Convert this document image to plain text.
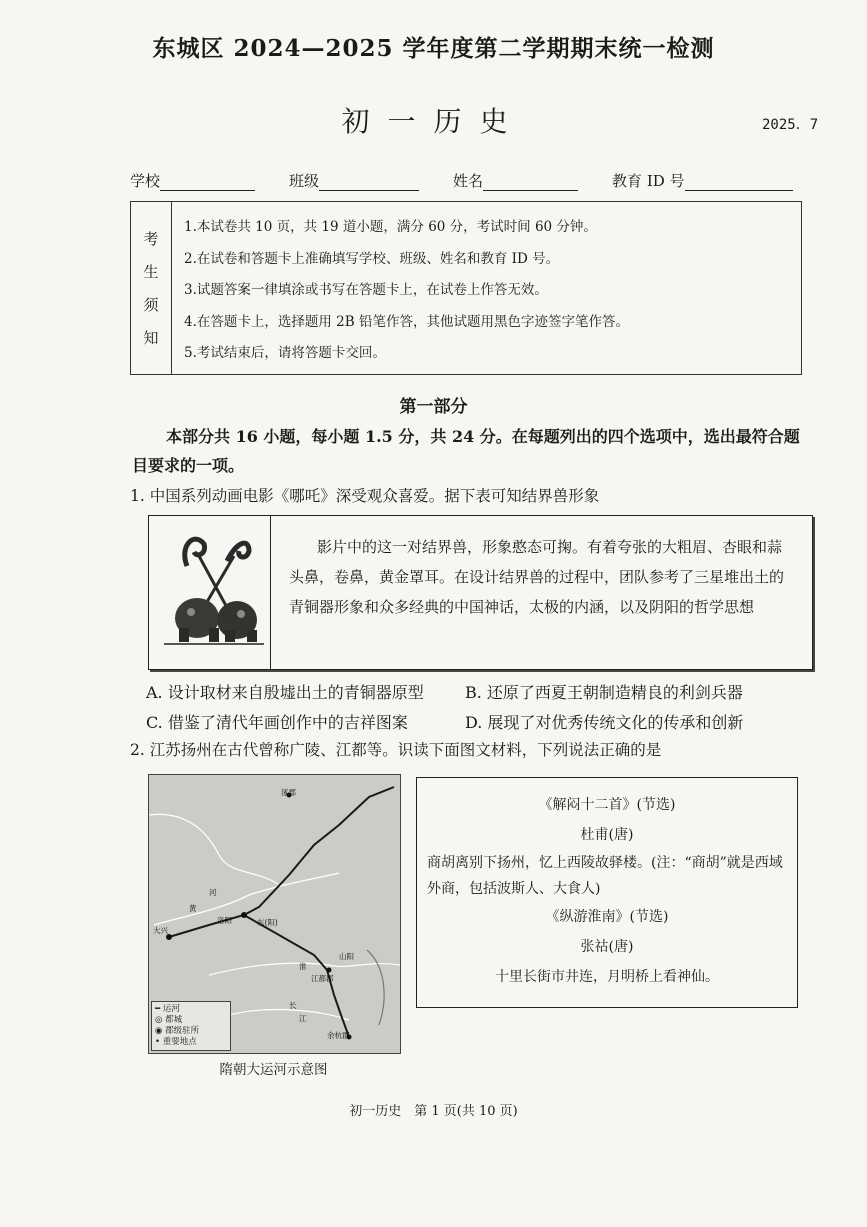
东城区 2024—2025 学年度第二学期期末统一检测
初一历史	2025．7
学校	班级	姓名	教育 ID 号
考
生
须
知
1.本试卷共 10 页，共 19 道小题，满分 60 分，考试时间 60 分钟。
2.在试卷和答题卡上准确填写学校、班级、姓名和教育 ID 号。
3.试题答案一律填涂或书写在答题卡上，在试卷上作答无效。
4.在答题卡上，选择题用 2B 铅笔作答，其他试题用黑色字迹签字笔作答。
5.考试结束后，请将答题卡交回。
第一部分
本部分共 16 小题，每小题 1.5 分，共 24 分。在每题列出的四个选项中，选出最符合题目要求的一项。
1. 中国系列动画电影《哪吒》深受观众喜爱。据下表可知结界兽形象
影片中的这一对结界兽，形象憨态可掬。有着夸张的大粗眉、杏眼和蒜头鼻，卷鼻，黄金罩耳。在设计结界兽的过程中，团队参考了三星堆出土的青铜器形象和众多经典的中国神话，太极的内涵，以及阴阳的哲学思想
A. 设计取材来自殷墟出土的青铜器原型	B. 还原了西夏王朝制造精良的利剑兵器
C. 借鉴了清代年画创作中的吉祥图案	D. 展现了对优秀传统文化的传承和创新
2. 江苏扬州在古代曾称广陵、江都等。识读下面图文材料，下列说法正确的是
涿郡
大兴
洛阳
余杭郡
江都郡
东(阳)
山阳
长
江
黄
河
淮
━ 运河
◎ 都城
◉ 郡级驻所
• 重要地点
隋朝大运河示意图
《解闷十二首》(节选)
杜甫(唐)
商胡离别下扬州，忆上西陵故驿楼。(注：“商胡”就是西域外商，包括波斯人、大食人)
《纵游淮南》(节选)
张祜(唐)
十里长街市井连，月明桥上看神仙。
初一历史　第 1 页(共 10 页)
